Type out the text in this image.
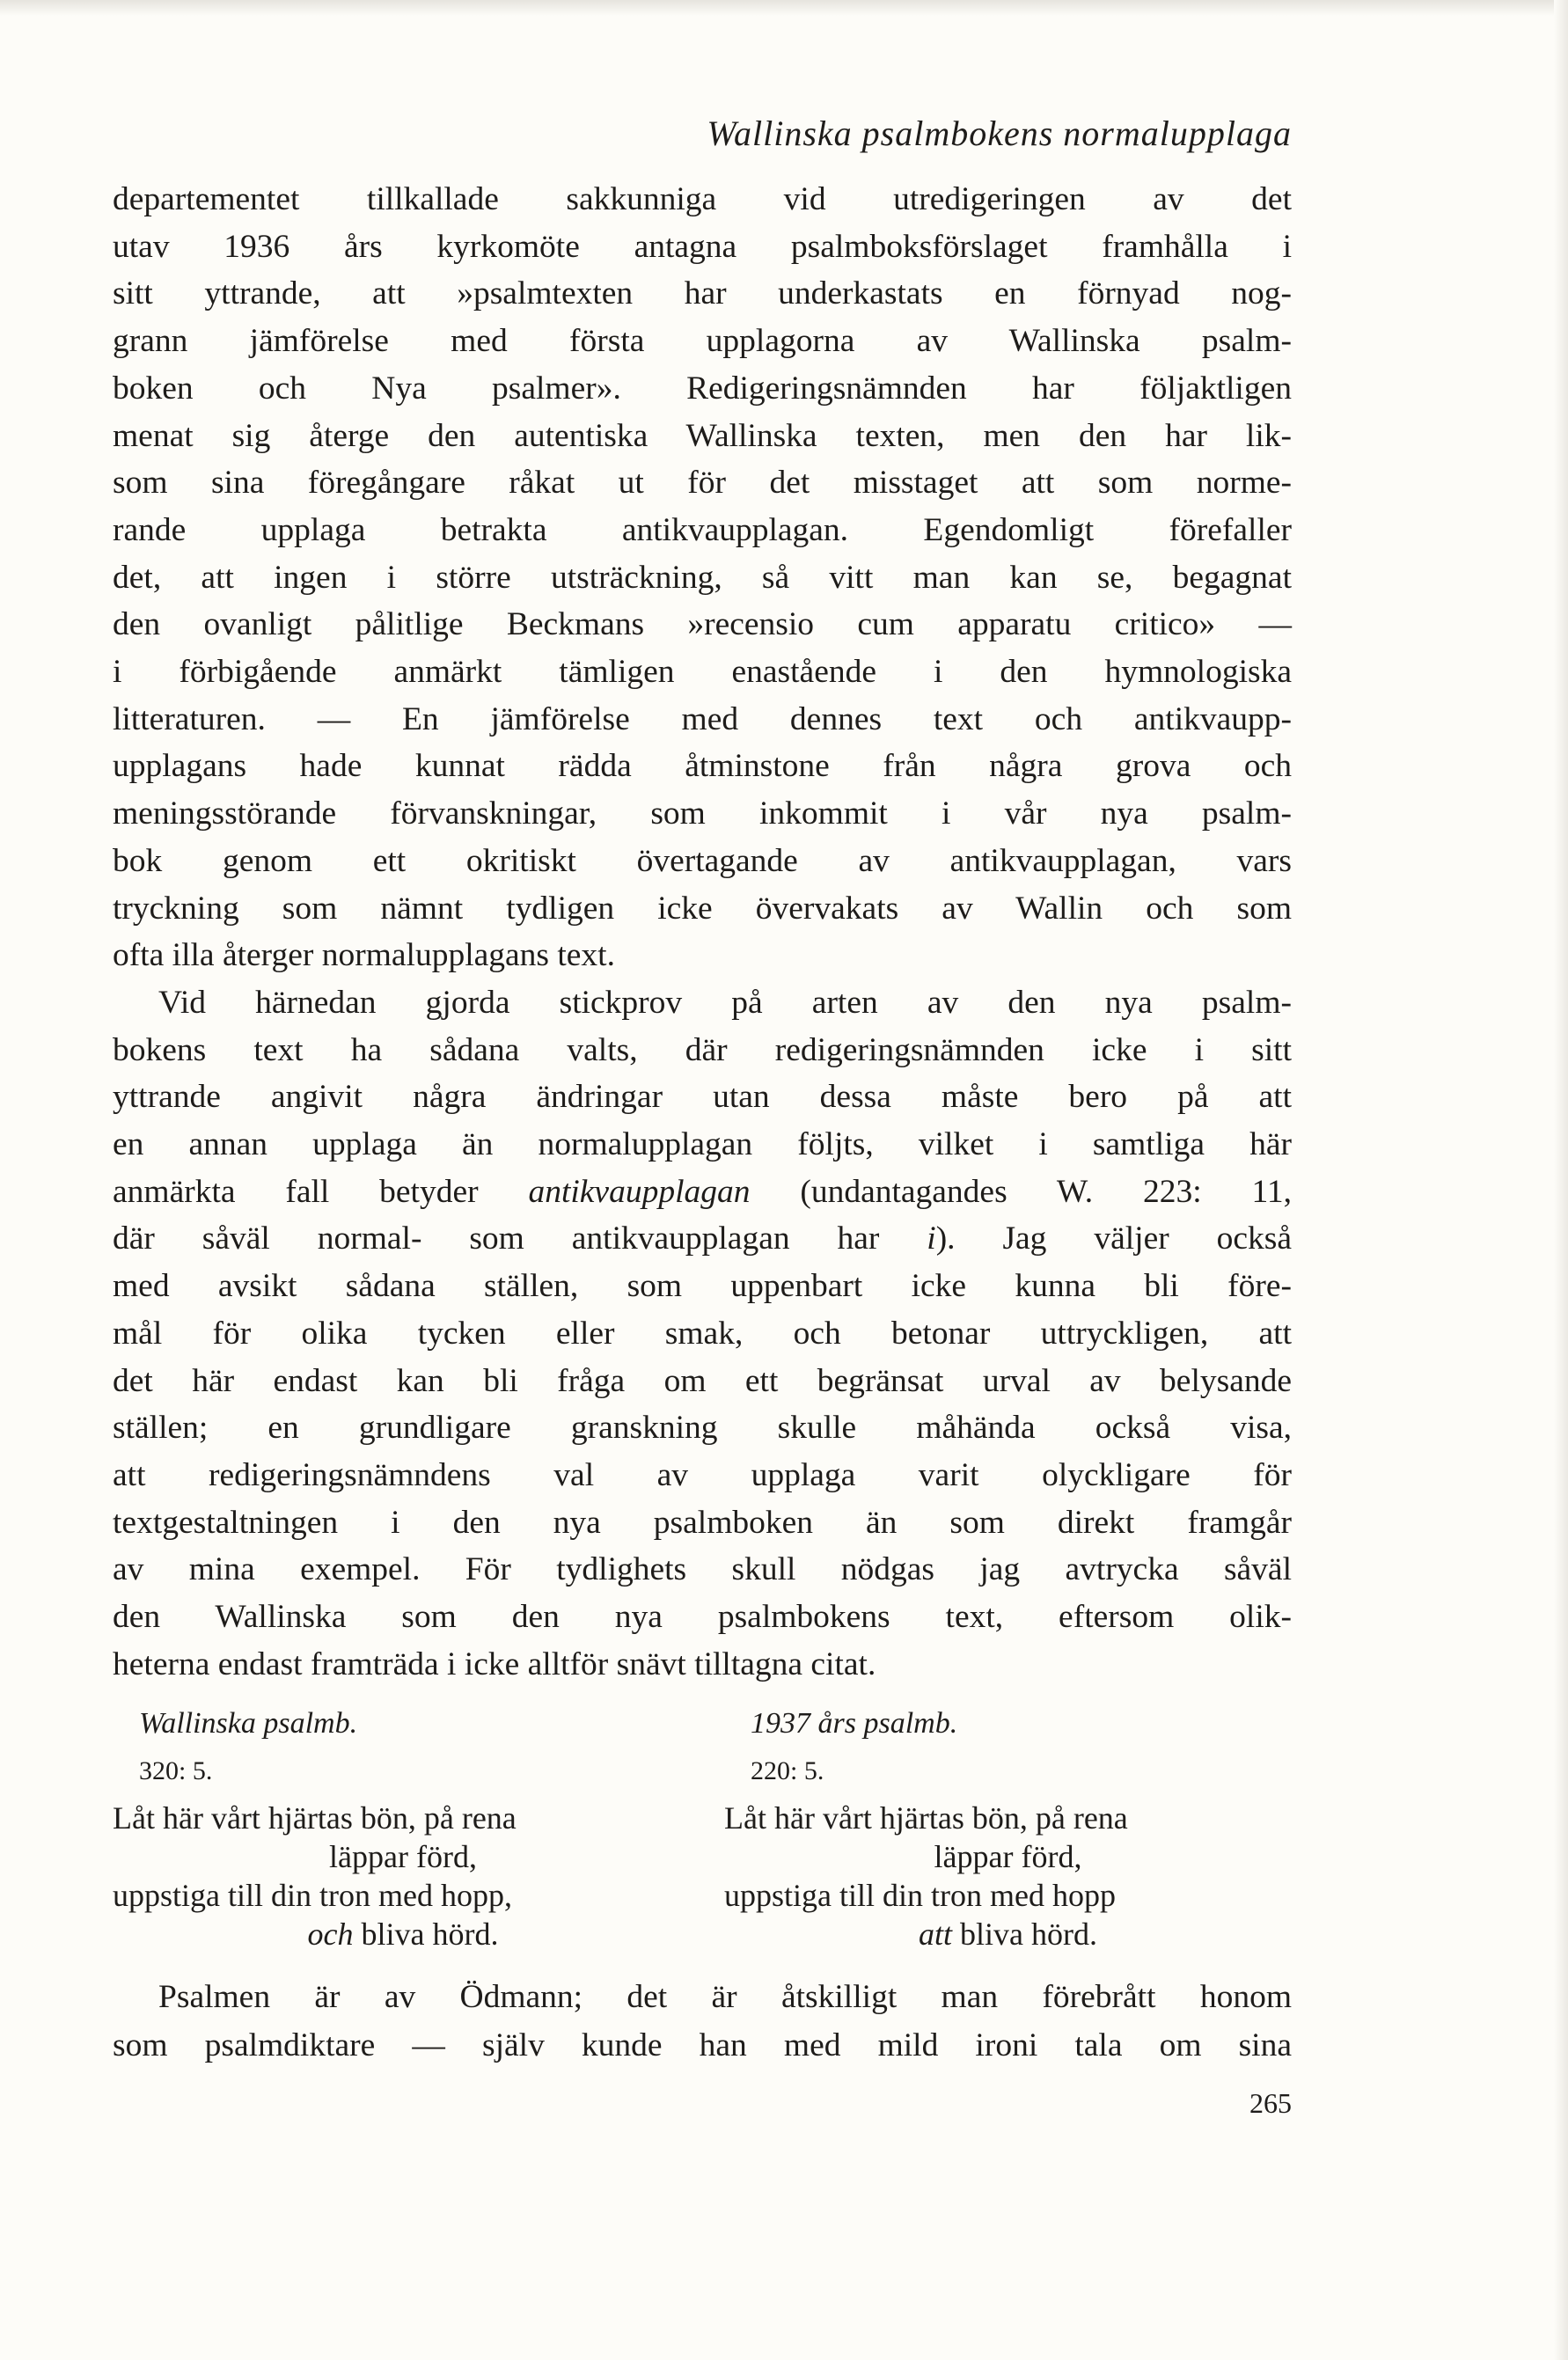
Wallinska psalmbokens normalupplaga

departementet tillkallade sakkunniga vid utredigeringen av det
utav 1936 års kyrkomöte antagna psalmboksförslaget framhålla i
sitt yttrande, att »psalmtexten har underkastats en förnyad nog-
grann jämförelse med första upplagorna av Wallinska psalm-
boken och Nya psalmer». Redigeringsnämnden har följaktligen
menat sig återge den autentiska Wallinska texten, men den har lik-
som sina föregångare råkat ut för det misstaget att som norme-
rande upplaga betrakta antikvaupplagan. Egendomligt förefaller
det, att ingen i större utsträckning, så vitt man kan se, begagnat
den ovanligt pålitlige Beckmans »recensio cum apparatu critico» —
i förbigående anmärkt tämligen enastående i den hymnologiska
litteraturen. — En jämförelse med dennes text och antikvaupp-
upplagans hade kunnat rädda åtminstone från några grova och
meningsstörande förvanskningar, som inkommit i vår nya psalm-
bok genom ett okritiskt övertagande av antikvaupplagan, vars
tryckning som nämnt tydligen icke övervakats av Wallin och som
ofta illa återger normalupplagans text.

Vid härnedan gjorda stickprov på arten av den nya psalm-
bokens text ha sådana valts, där redigeringsnämnden icke i sitt
yttrande angivit några ändringar utan dessa måste bero på att
en annan upplaga än normalupplagan följts, vilket i samtliga här
anmärkta fall betyder antikvaupplagan (undantagandes W. 223: 11,
där såväl normal- som antikvaupplagan har i). Jag väljer också
med avsikt sådana ställen, som uppenbart icke kunna bli före-
mål för olika tycken eller smak, och betonar uttryckligen, att
det här endast kan bli fråga om ett begränsat urval av belysande
ställen; en grundligare granskning skulle måhända också visa,
att redigeringsnämndens val av upplaga varit olyckligare för
textgestaltningen i den nya psalmboken än som direkt framgår
av mina exempel. För tydlighets skull nödgas jag avtrycka såväl
den Wallinska som den nya psalmbokens text, eftersom olik-
heterna endast framträda i icke alltför snävt tilltagna citat.

Wallinska psalmb.
320: 5.
Låt här vårt hjärtas bön, på rena
läppar förd,
uppstiga till din tron med hopp,
och bliva hörd.
1937 års psalmb.
220: 5.
Låt här vårt hjärtas bön, på rena
läppar förd,
uppstiga till din tron med hopp
att bliva hörd.

Psalmen är av Ödmann; det är åtskilligt man förebrått honom
som psalmdiktare — själv kunde han med mild ironi tala om sina

265
